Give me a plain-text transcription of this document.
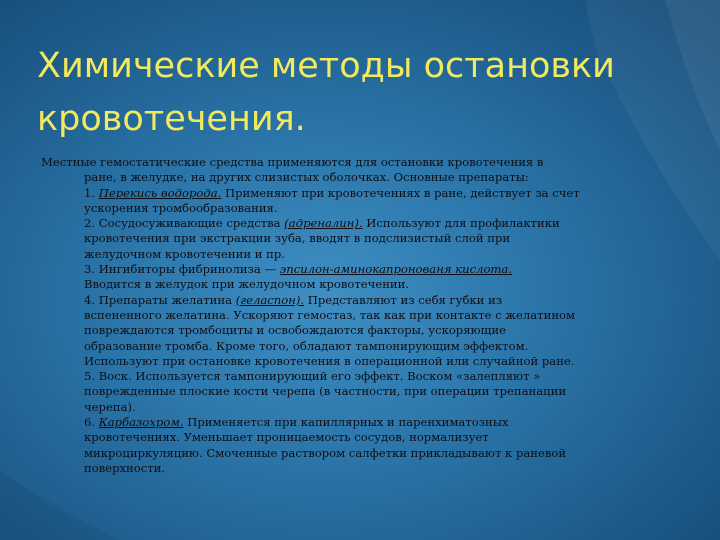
Химические методы остановки кровотечения.

Местные гемостатические средства применяются для остановки кровотечения в

ране, в желудке, на других слизистых оболочках. Основные препараты:

1. Перекись водорода. Применяют при кровотечениях в ране, действует за счет

ускорения тромбообразования.

2. Сосудосуживающие средства (адреналин). Используют для профилактики

кровотечения при экстракции зуба, вводят в подслизистый слой при

желудочном кровотечении и пр.

3. Ингибиторы фибринолиза — эпсилон-аминокапронованя кислота.

Вводится в желудок при желудочном кровотечении.

4. Препараты желатина (гелаcпон). Представляют из себя губки из

вспененного желатина. Ускоряют гемостаз, так как при контакте с желатином

повреждаются тромбоциты и освобождаются факторы, ускоряющие

образование тромба. Кроме того, обладают тампонирующим эффектом.

Используют при остановке кровотечения в операционной или случайной ране.

5. Воск. Используется тампонирующий его эффект. Воском «залепляют »

поврежденные плоские кости черепа (в частности, при операции трепанации

черепа).

6. Карбазохром. Применяется при капиллярных и паренхиматозных

кровотечениях. Уменьшает проницаемость сосудов, нормализует

микроциркуляцию. Смоченные раствором салфетки прикладывают к раневой

поверхности.
